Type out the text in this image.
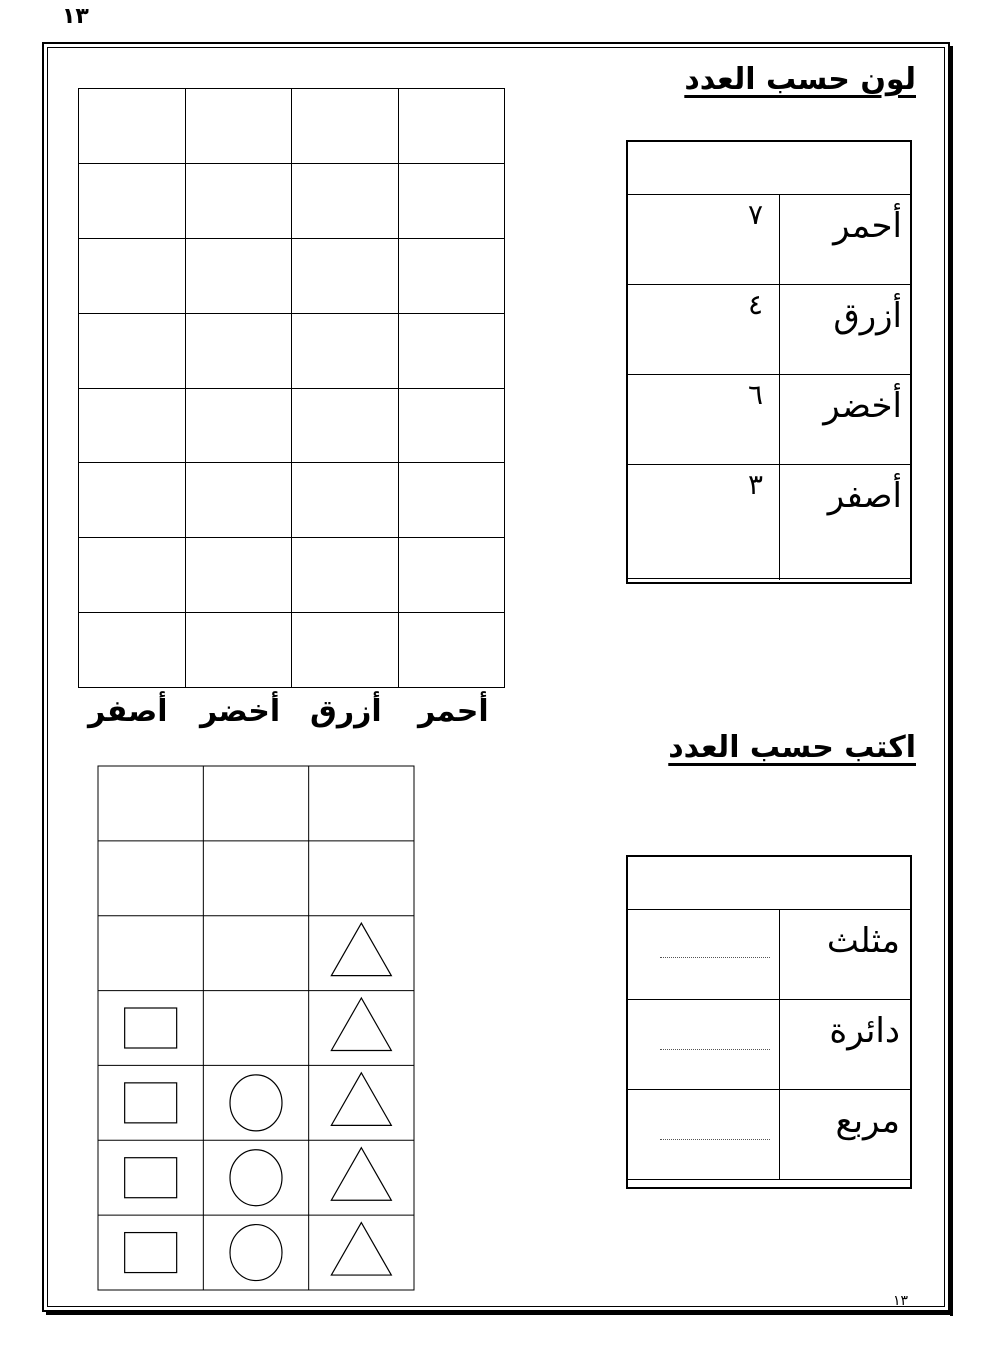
١٣
لون حسب العدد
أحمر
٧
أزرق
٤
أخضر
٦
أصفر
٣

أحمر
أزرق
أخضر
أصفر
اكتب حسب العدد
مثلث
دائرة
مربع
١٣
